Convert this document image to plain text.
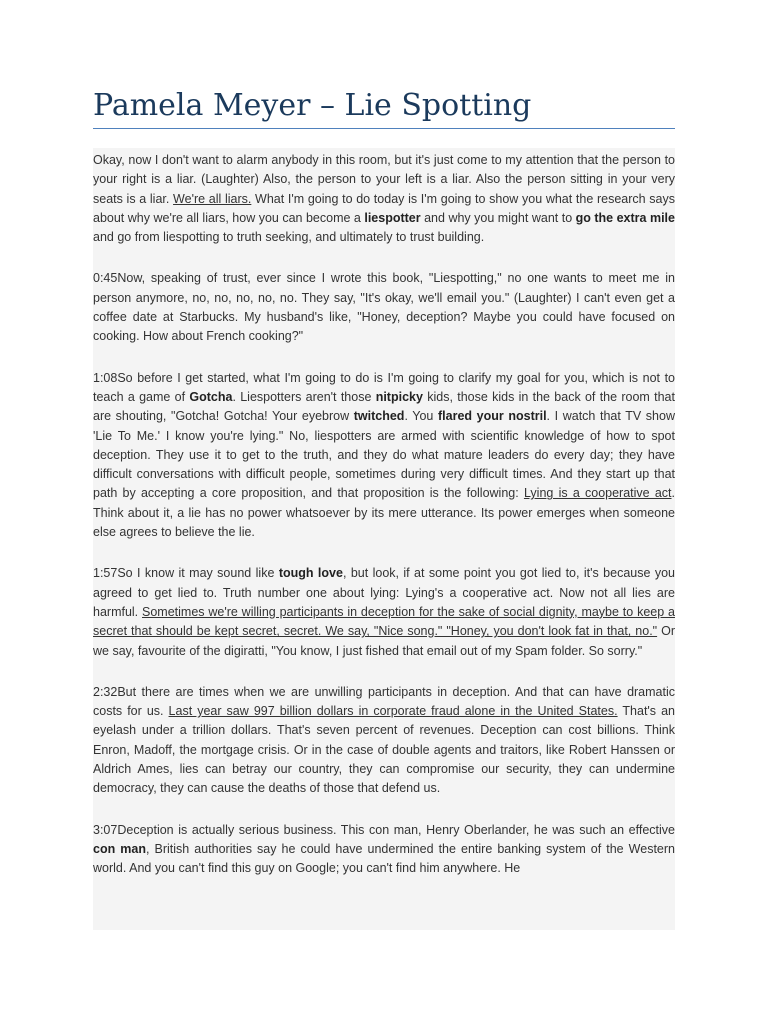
Pamela Meyer – Lie Spotting

Okay, now I don't want to alarm anybody in this room, but it's just come to my attention that the person to your right is a liar. (Laughter) Also, the person to your left is a liar. Also the person sitting in your very seats is a liar. We're all liars. What I'm going to do today is I'm going to show you what the research says about why we're all liars, how you can become a liespotter and why you might want to go the extra mile and go from liespotting to truth seeking, and ultimately to trust building.

0:45Now, speaking of trust, ever since I wrote this book, "Liespotting," no one wants to meet me in person anymore, no, no, no, no, no. They say, "It's okay, we'll email you." (Laughter) I can't even get a coffee date at Starbucks. My husband's like, "Honey, deception? Maybe you could have focused on cooking. How about French cooking?"

1:08So before I get started, what I'm going to do is I'm going to clarify my goal for you, which is not to teach a game of Gotcha. Liespotters aren't those nitpicky kids, those kids in the back of the room that are shouting, "Gotcha! Gotcha! Your eyebrow twitched. You flared your nostril. I watch that TV show 'Lie To Me.' I know you're lying." No, liespotters are armed with scientific knowledge of how to spot deception. They use it to get to the truth, and they do what mature leaders do every day; they have difficult conversations with difficult people, sometimes during very difficult times. And they start up that path by accepting a core proposition, and that proposition is the following: Lying is a cooperative act. Think about it, a lie has no power whatsoever by its mere utterance. Its power emerges when someone else agrees to believe the lie.

1:57So I know it may sound like tough love, but look, if at some point you got lied to, it's because you agreed to get lied to. Truth number one about lying: Lying's a cooperative act. Now not all lies are harmful. Sometimes we're willing participants in deception for the sake of social dignity, maybe to keep a secret that should be kept secret, secret. We say, "Nice song." "Honey, you don't look fat in that, no." Or we say, favourite of the digiratti, "You know, I just fished that email out of my Spam folder. So sorry."

2:32But there are times when we are unwilling participants in deception. And that can have dramatic costs for us. Last year saw 997 billion dollars in corporate fraud alone in the United States. That's an eyelash under a trillion dollars. That's seven percent of revenues. Deception can cost billions. Think Enron, Madoff, the mortgage crisis. Or in the case of double agents and traitors, like Robert Hanssen or Aldrich Ames, lies can betray our country, they can compromise our security, they can undermine democracy, they can cause the deaths of those that defend us.

3:07Deception is actually serious business. This con man, Henry Oberlander, he was such an effective con man, British authorities say he could have undermined the entire banking system of the Western world. And you can't find this guy on Google; you can't find him anywhere. He
